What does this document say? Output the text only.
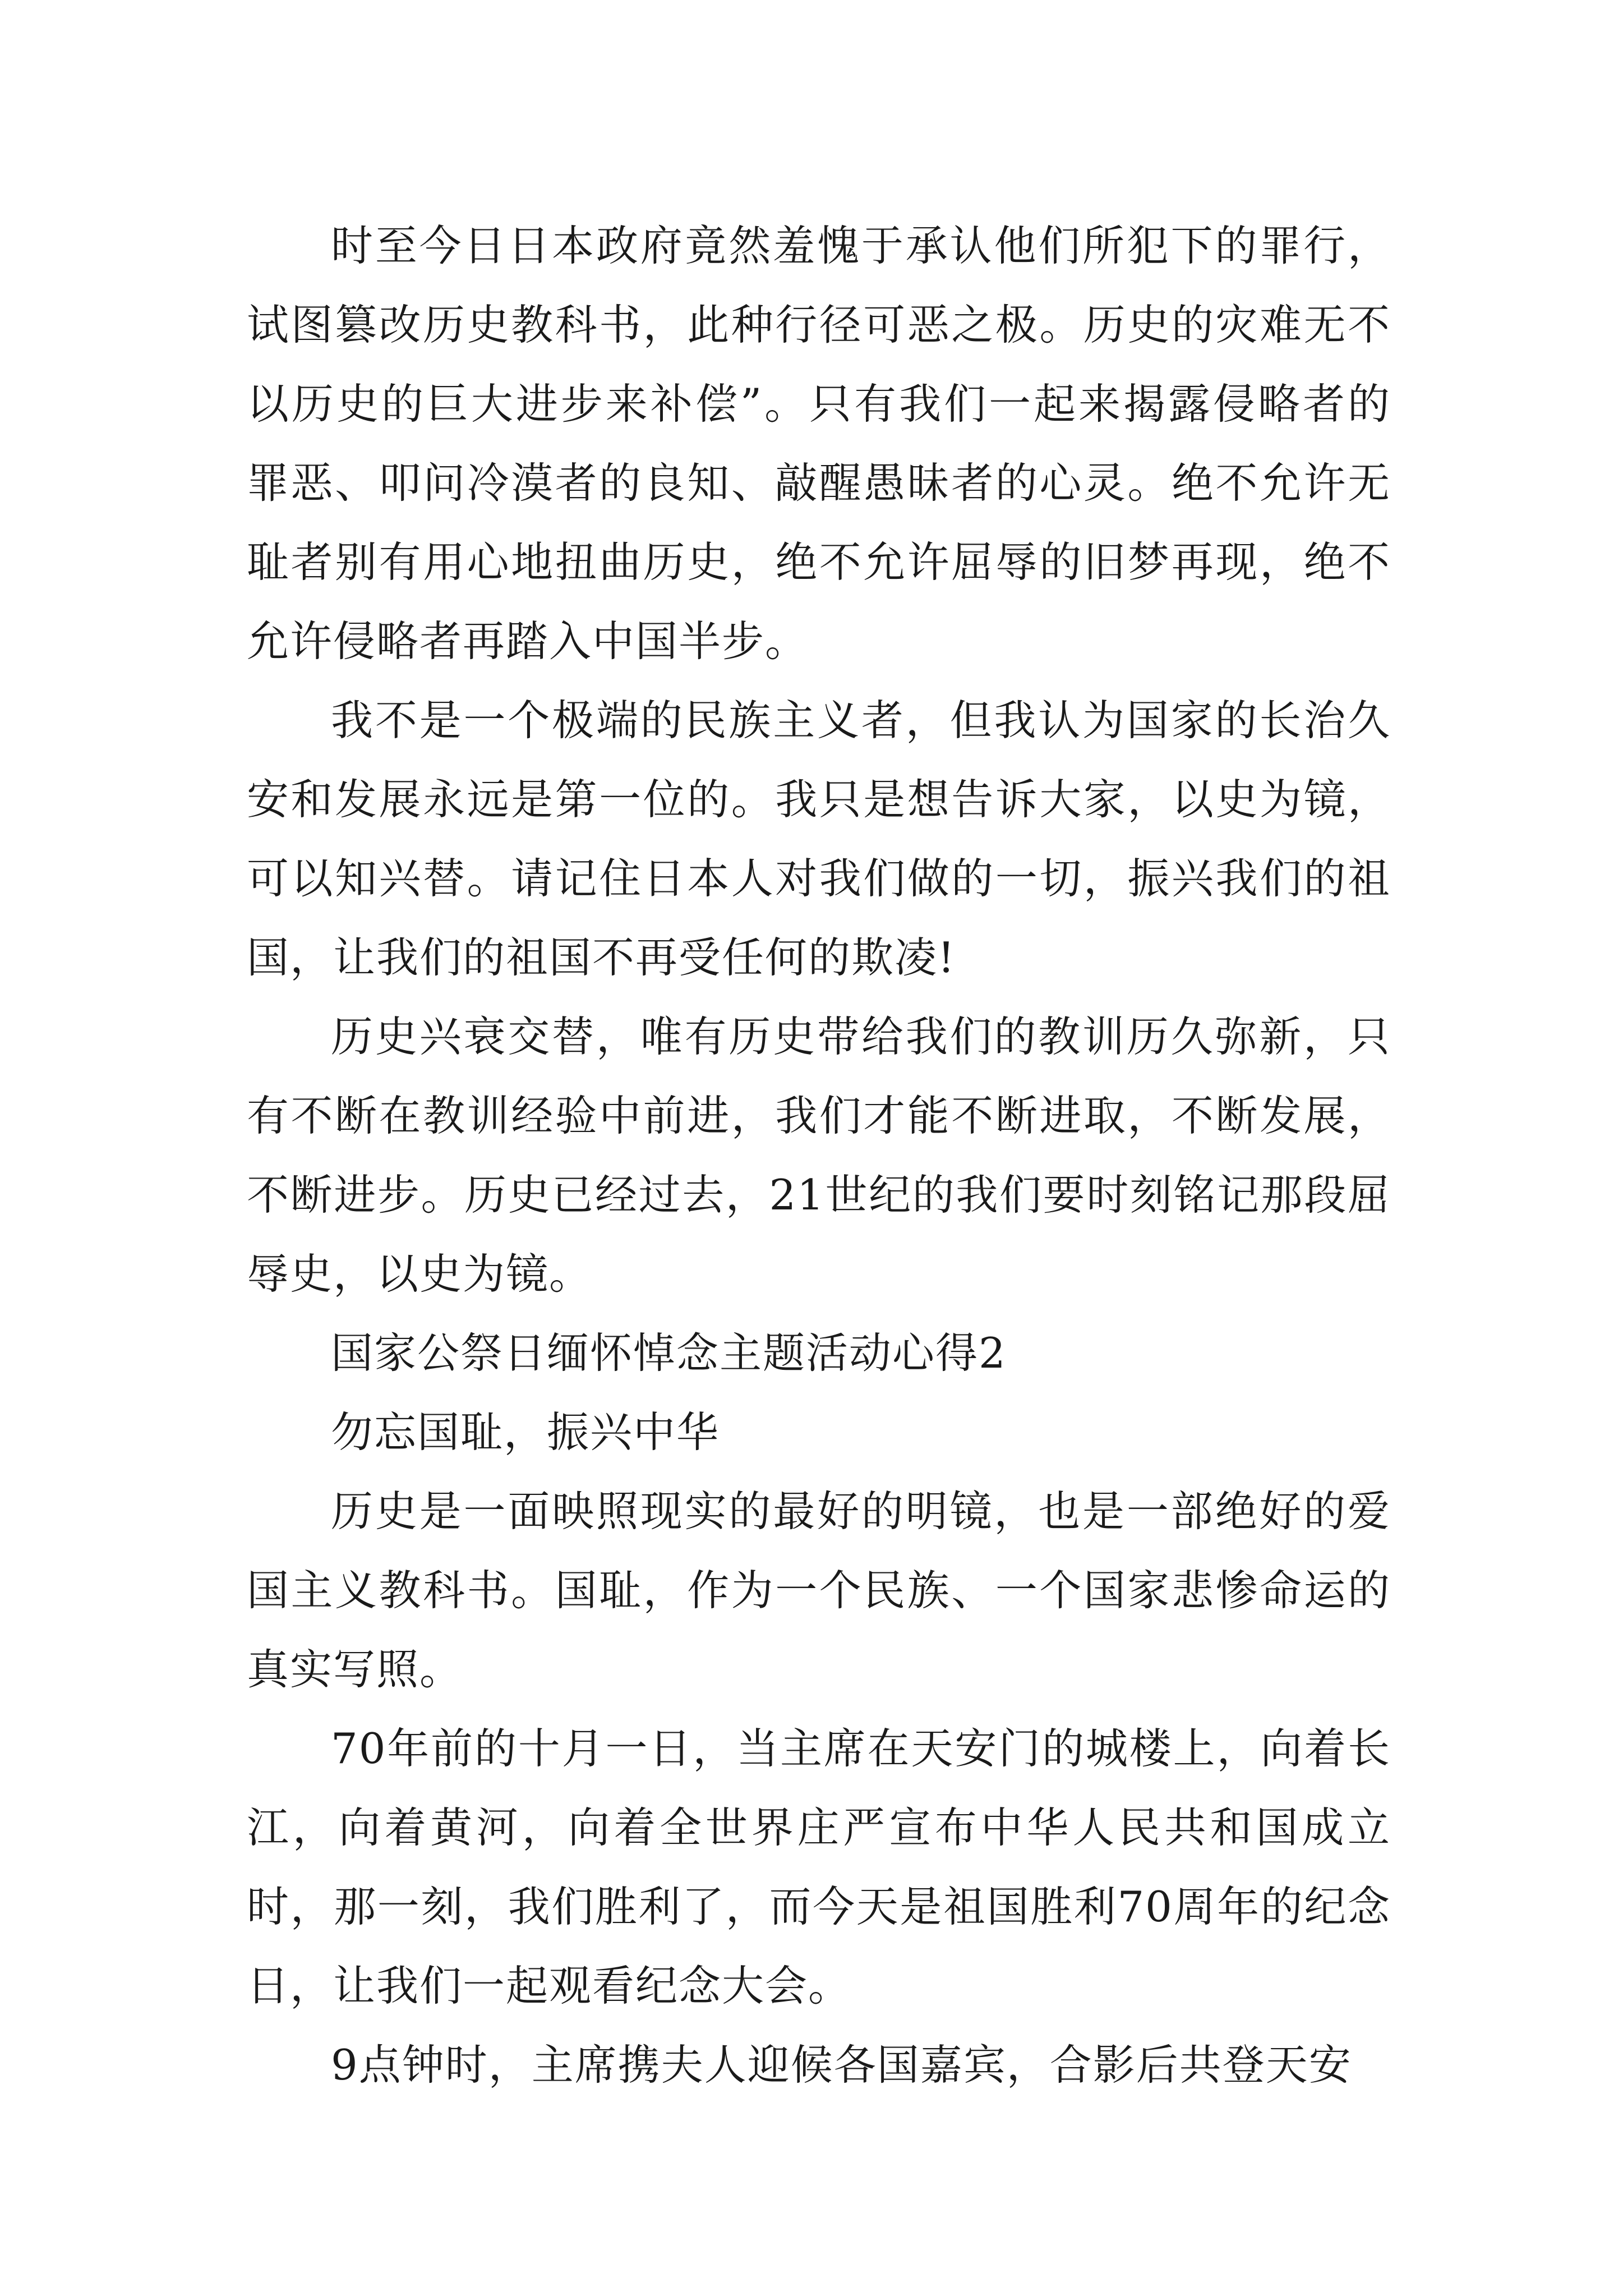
时至今日日本政府竟然羞愧于承认他们所犯下的罪行，试图篡改历史教科书，此种行径可恶之极。历史的灾难无不以历史的巨大进步来补偿”。只有我们一起来揭露侵略者的罪恶、叩问冷漠者的良知、敲醒愚昧者的心灵。绝不允许无耻者别有用心地扭曲历史，绝不允许屈辱的旧梦再现，绝不允许侵略者再踏入中国半步。

我不是一个极端的民族主义者，但我认为国家的长治久安和发展永远是第一位的。我只是想告诉大家，以史为镜，可以知兴替。请记住日本人对我们做的一切，振兴我们的祖国，让我们的祖国不再受任何的欺凌!

历史兴衰交替，唯有历史带给我们的教训历久弥新，只有不断在教训经验中前进，我们才能不断进取，不断发展，不断进步。历史已经过去，21世纪的我们要时刻铭记那段屈辱史，以史为镜。

国家公祭日缅怀悼念主题活动心得2

勿忘国耻，振兴中华

历史是一面映照现实的最好的明镜，也是一部绝好的爱国主义教科书。国耻，作为一个民族、一个国家悲惨命运的真实写照。

70年前的十月一日，当主席在天安门的城楼上，向着长江，向着黄河，向着全世界庄严宣布中华人民共和国成立时，那一刻，我们胜利了，而今天是祖国胜利70周年的纪念日，让我们一起观看纪念大会。

9点钟时，主席携夫人迎候各国嘉宾，合影后共登天安
